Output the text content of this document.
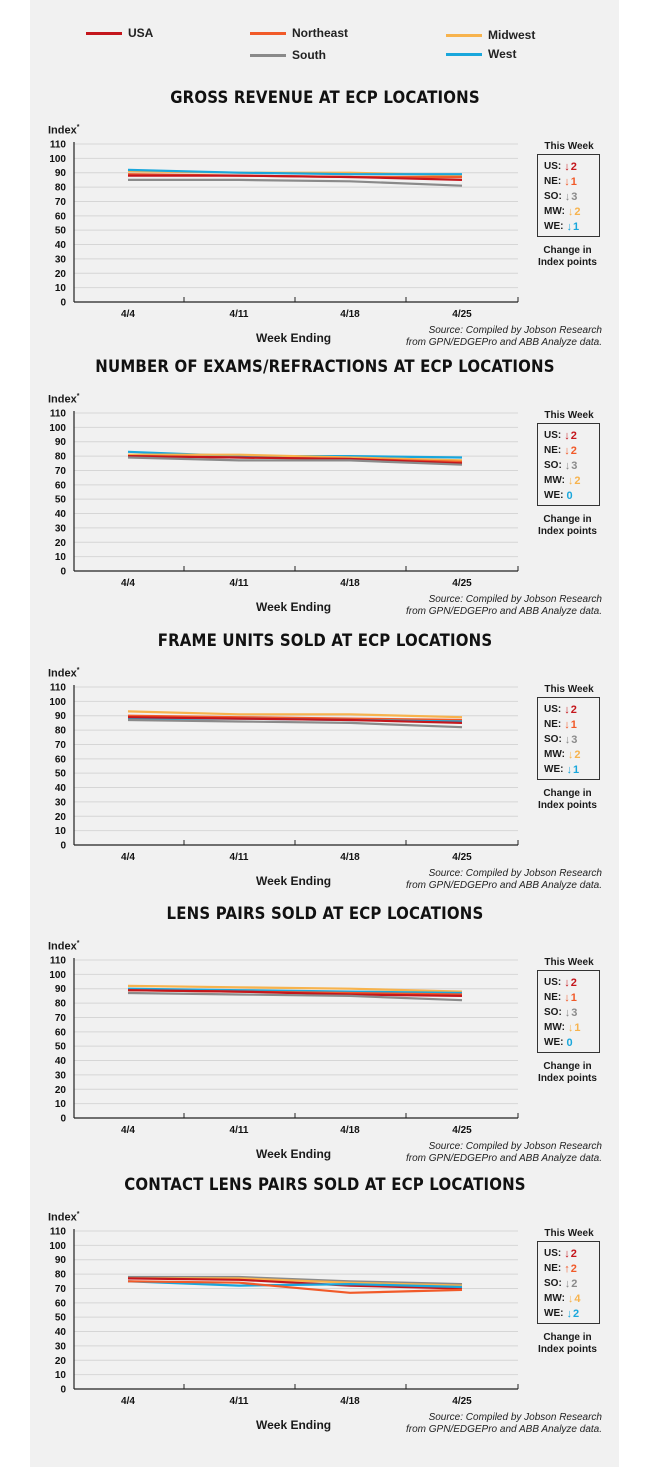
USA	Northeast	Midwest
South	West
GROSS REVENUE AT ECP LOCATIONS
Index*
Week Ending
Source: Compiled by Jobson Research
from GPN/EDGEPro and ABB Analyze data.
This Week
US: ↓ 2
NE: ↓ 1
SO: ↓ 3
MW: ↓ 2
WE: ↓ 1
Change in
Index points
0
10
20
30
40
50
60
70
80
90
100
110
4/4	4/11	4/18	4/25
NUMBER OF EXAMS/REFRACTIONS AT ECP LOCATIONS
Index*
Week Ending
Source: Compiled by Jobson Research
from GPN/EDGEPro and ABB Analyze data.
This Week
US: ↓ 2
NE: ↓ 2
SO: ↓ 3
MW: ↓ 2
WE: 0
Change in
Index points
0
10
20
30
40
50
60
70
80
90
100
110
4/4	4/11	4/18	4/25
FRAME UNITS SOLD AT ECP LOCATIONS
Index*
Week Ending
Source: Compiled by Jobson Research
from GPN/EDGEPro and ABB Analyze data.
This Week
US: ↓ 2
NE: ↓ 1
SO: ↓ 3
MW: ↓ 2
WE: ↓ 1
Change in
Index points
0
10
20
30
40
50
60
70
80
90
100
110
4/4	4/11	4/18	4/25
LENS PAIRS SOLD AT ECP LOCATIONS
Index*
Week Ending
Source: Compiled by Jobson Research
from GPN/EDGEPro and ABB Analyze data.
This Week
US: ↓ 2
NE: ↓ 1
SO: ↓ 3
MW: ↓ 1
WE: 0
Change in
Index points
0
10
20
30
40
50
60
70
80
90
100
110
4/4	4/11	4/18	4/25
CONTACT LENS PAIRS SOLD AT ECP LOCATIONS
Index*
Week Ending
Source: Compiled by Jobson Research
from GPN/EDGEPro and ABB Analyze data.
This Week
US: ↓ 2
NE: ↑ 2
SO: ↓ 2
MW: ↓ 4
WE: ↓ 2
Change in
Index points
0
10
20
30
40
50
60
70
80
90
100
110
4/4	4/11	4/18	4/25
